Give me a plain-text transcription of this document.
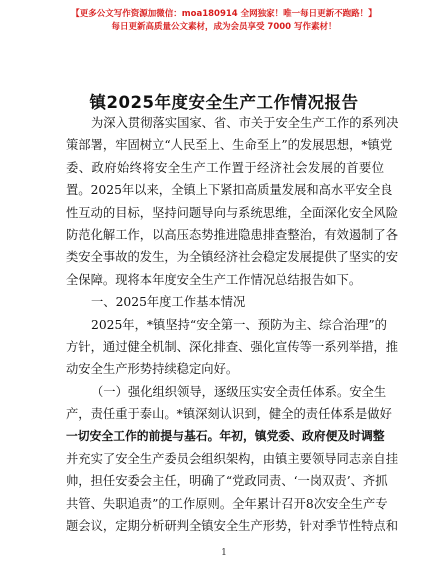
【更多公文写作资源加微信：moa180914 全网独家！唯一每日更新不跑路！】
每日更新高质量公文素材，成为会员享受 7000 写作素材！
镇2025年度安全生产工作情况报告
为深入贯彻落实国家、省、市关于安全生产工作的系列决
策部署，牢固树立“人民至上、生命至上”的发展思想，*镇党
委、政府始终将安全生产工作置于经济社会发展的首要位
置。2025年以来，全镇上下紧扣高质量发展和高水平安全良
性互动的目标，坚持问题导向与系统思维，全面深化安全风险
防范化解工作，以高压态势推进隐患排查整治，有效遏制了各
类安全事故的发生，为全镇经济社会稳定发展提供了坚实的安
全保障。现将本年度安全生产工作情况总结报告如下。
一、2025年度工作基本情况
2025年，*镇坚持“安全第一、预防为主、综合治理”的
方针，通过健全机制、深化排查、强化宣传等一系列举措，推
动安全生产形势持续稳定向好。
（一）强化组织领导，逐级压实安全责任体系。安全生
产，责任重于泰山。*镇深刻认识到，健全的责任体系是做好
一切安全工作的前提与基石。年初，镇党委、政府便及时调整
并充实了安全生产委员会组织架构，由镇主要领导同志亲自挂
帅，担任安委会主任，明确了“党政同责、‘一岗双责’、齐抓
共管、失职追责”的工作原则。全年累计召开8次安全生产专
题会议，定期分析研判全镇安全生产形势，针对季节性特点和
1
